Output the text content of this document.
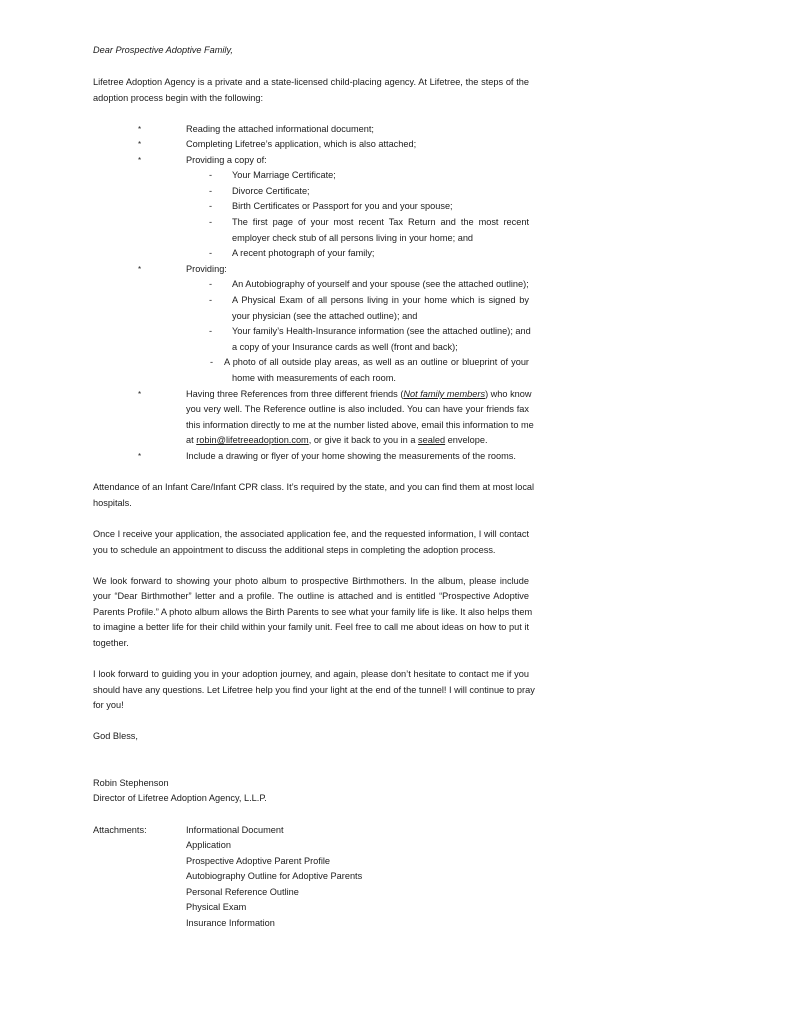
Dear Prospective Adoptive Family,
Lifetree Adoption Agency is a private and a state-licensed child-placing agency. At Lifetree, the steps of the
adoption process begin with the following:
*	Reading the attached informational document;
*	Completing Lifetree’s application, which is also attached;
*	Providing a copy of:
- Your Marriage Certificate;
- Divorce Certificate;
- Birth Certificates or Passport for you and your spouse;
- The first page of your most recent Tax Return and the most recent
employer check stub of all persons living in your home; and
- A recent photograph of your family;
*	Providing:
- An Autobiography of yourself and your spouse (see the attached outline);
- A Physical Exam of all persons living in your home which is signed by
your physician (see the attached outline); and
- Your family’s Health-Insurance information (see the attached outline); and
a copy of your Insurance cards as well (front and back);
- A photo of all outside play areas, as well as an outline or blueprint of your
home with measurements of each room.
*	Having three References from three different friends (Not family members) who know
you very well. The Reference outline is also included. You can have your friends fax
this information directly to me at the number listed above, email this information to me
at robin@lifetreeadoption.com, or give it back to you in a sealed envelope.
*	Include a drawing or flyer of your home showing the measurements of the rooms.
Attendance of an Infant Care/Infant CPR class. It’s required by the state, and you can find them at most local
hospitals.
Once I receive your application, the associated application fee, and the requested information, I will contact
you to schedule an appointment to discuss the additional steps in completing the adoption process.
We look forward to showing your photo album to prospective Birthmothers. In the album, please include
your “Dear Birthmother” letter and a profile. The outline is attached and is entitled “Prospective Adoptive
Parents Profile.” A photo album allows the Birth Parents to see what your family life is like. It also helps them
to imagine a better life for their child within your family unit. Feel free to call me about ideas on how to put it
together.
I look forward to guiding you in your adoption journey, and again, please don’t hesitate to contact me if you
should have any questions. Let Lifetree help you find your light at the end of the tunnel! I will continue to pray
for you!
God Bless,
Robin Stephenson
Director of Lifetree Adoption Agency, L.L.P.
Attachments:	Informational Document
Application
Prospective Adoptive Parent Profile
Autobiography Outline for Adoptive Parents
Personal Reference Outline
Physical Exam
Insurance Information
